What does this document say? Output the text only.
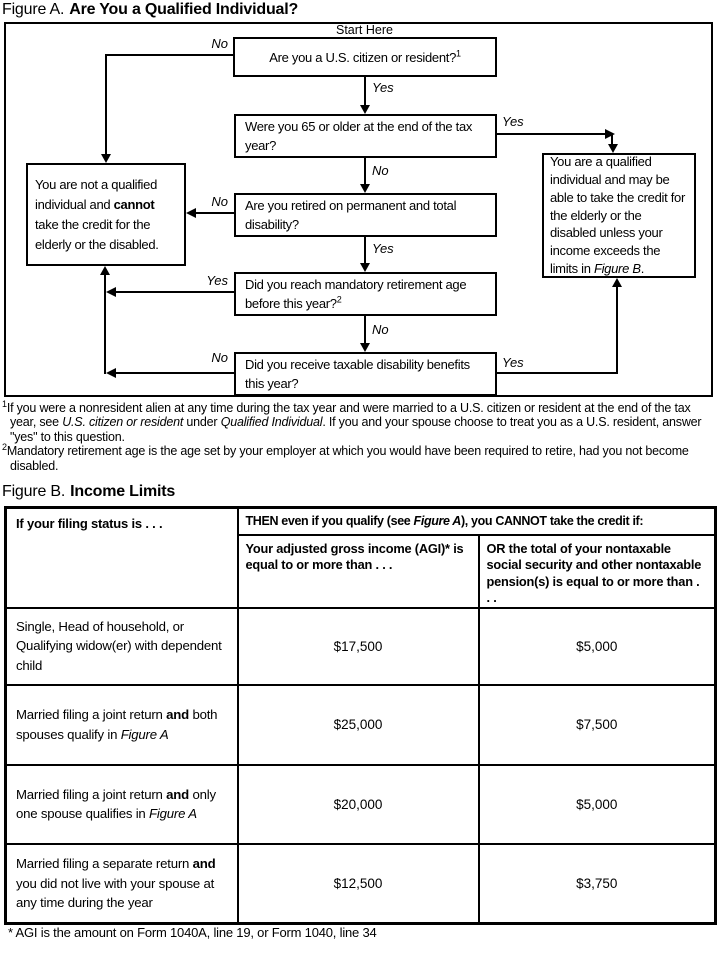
Figure A. Are You a Qualified Individual?
Start Here
Are you a U.S. citizen or resident?$^1$
Were you 65 or older at the end of the tax year?
Are you retired on permanent and total disability?
Did you reach mandatory retirement age before this year?$^2$
Did you receive taxable disability benefits this year?
You are not a qualified individual and cannot take the credit for the elderly or the disabled.
You are a qualified individual and may be able to take the credit for the elderly or the disabled unless your income exceeds the limits in Figure B.
Yes
No
Yes
No
No
Yes
Yes
No
No	Yes

$^1$If you were a nonresident alien at any time during the tax year and were married to a U.S. citizen or resident at the end of the tax year, see U.S. citizen or resident under Qualified Individual. If you and your spouse choose to treat you as a U.S. resident, answer "yes" to this question.

$^2$Mandatory retirement age is the age set by your employer at which you would have been required to retire, had you not become disabled.

Figure B. Income Limits
If your filing status is . . .	THEN even if you qualify (see Figure A), you CANNOT take the credit if:	
	Your adjusted gross income (AGI)* is equal to or more than . . .	OR the total of your nontaxable social security and other nontaxable pension(s) is equal to or more than . . .
Single, Head of household, or Qualifying widow(er) with dependent child	$17,500	$5,000
Married filing a joint return and both spouses qualify in Figure A	$25,000	$7,500
Married filing a joint return and only one spouse qualifies in Figure A	$20,000	$5,000
Married filing a separate return and you did not live with your spouse at any time during the year	$12,500	$3,750
* AGI is the amount on Form 1040A, line 19, or Form 1040, line 34
